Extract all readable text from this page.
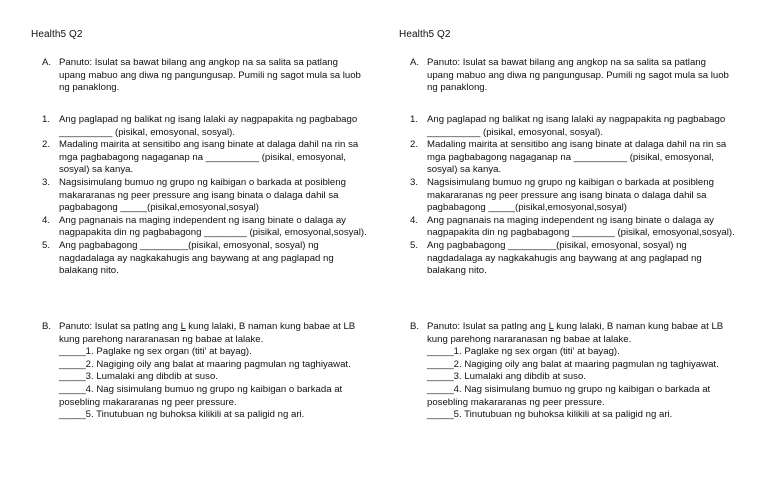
Health5 Q2
A. Panuto: Isulat sa bawat bilang ang angkop na sa salita sa patlang upang mabuo ang diwa ng pangungusap. Pumili ng sagot mula sa luob ng panaklong.
1. Ang paglapad ng balikat ng isang lalaki ay nagpapakita ng pagbabago __________ (pisikal, emosyonal, sosyal).
2. Madaling mairita at sensitibo ang isang binate at dalaga dahil na rin sa mga pagbabagong nagaganap na __________ (pisikal, emosyonal, sosyal) sa kanya.
3. Nagsisimulang bumuo ng grupo ng kaibigan o barkada at posibleng makararanas ng peer pressure ang isang binata o dalaga dahil sa pagbabagong _____(pisikal,emosyonal,sosyal)
4. Ang pagnanais na maging independent ng isang binate o dalaga ay nagpapakita din ng pagbabagong ________ (pisikal, emosyonal,sosyal).
5. Ang pagbabagong _________(pisikal, emosyonal, sosyal) ng nagdadalaga ay nagkakahugis ang baywang at ang paglapad ng balakang nito.
B. Panuto: Isulat sa patlng ang L kung lalaki, B naman kung babae at LB kung parehong nararanasan ng babae at lalake.
_____1. Paglake ng sex organ (titi' at bayag).
_____2. Nagiging oily ang balat at maaring pagmulan ng taghiyawat.
_____3. Lumalaki ang dibdib at suso.
_____4. Nag sisimulang bumuo ng grupo ng kaibigan o barkada at posebling makararanas ng peer pressure.
_____5. Tinutubuan ng buhoksa kilikili at sa paligid ng ari.
Health5 Q2
A. Panuto: Isulat sa bawat bilang ang angkop na sa salita sa patlang upang mabuo ang diwa ng pangungusap. Pumili ng sagot mula sa luob ng panaklong.
1. Ang paglapad ng balikat ng isang lalaki ay nagpapakita ng pagbabago __________ (pisikal, emosyonal, sosyal).
2. Madaling mairita at sensitibo ang isang binate at dalaga dahil na rin sa mga pagbabagong nagaganap na __________ (pisikal, emosyonal, sosyal) sa kanya.
3. Nagsisimulang bumuo ng grupo ng kaibigan o barkada at posibleng makararanas ng peer pressure ang isang binata o dalaga dahil sa pagbabagong _____(pisikal,emosyonal,sosyal)
4. Ang pagnanais na maging independent ng isang binate o dalaga ay nagpapakita din ng pagbabagong ________ (pisikal, emosyonal,sosyal).
5. Ang pagbabagong _________(pisikal, emosyonal, sosyal) ng nagdadalaga ay nagkakahugis ang baywang at ang paglapad ng balakang nito.
B. Panuto: Isulat sa patlng ang L kung lalaki, B naman kung babae at LB kung parehong nararanasan ng babae at lalake.
_____1. Paglake ng sex organ (titi' at bayag).
_____2. Nagiging oily ang balat at maaring pagmulan ng taghiyawat.
_____3. Lumalaki ang dibdib at suso.
_____4. Nag sisimulang bumuo ng grupo ng kaibigan o barkada at posebling makararanas ng peer pressure.
_____5. Tinutubuan ng buhoksa kilikili at sa paligid ng ari.
